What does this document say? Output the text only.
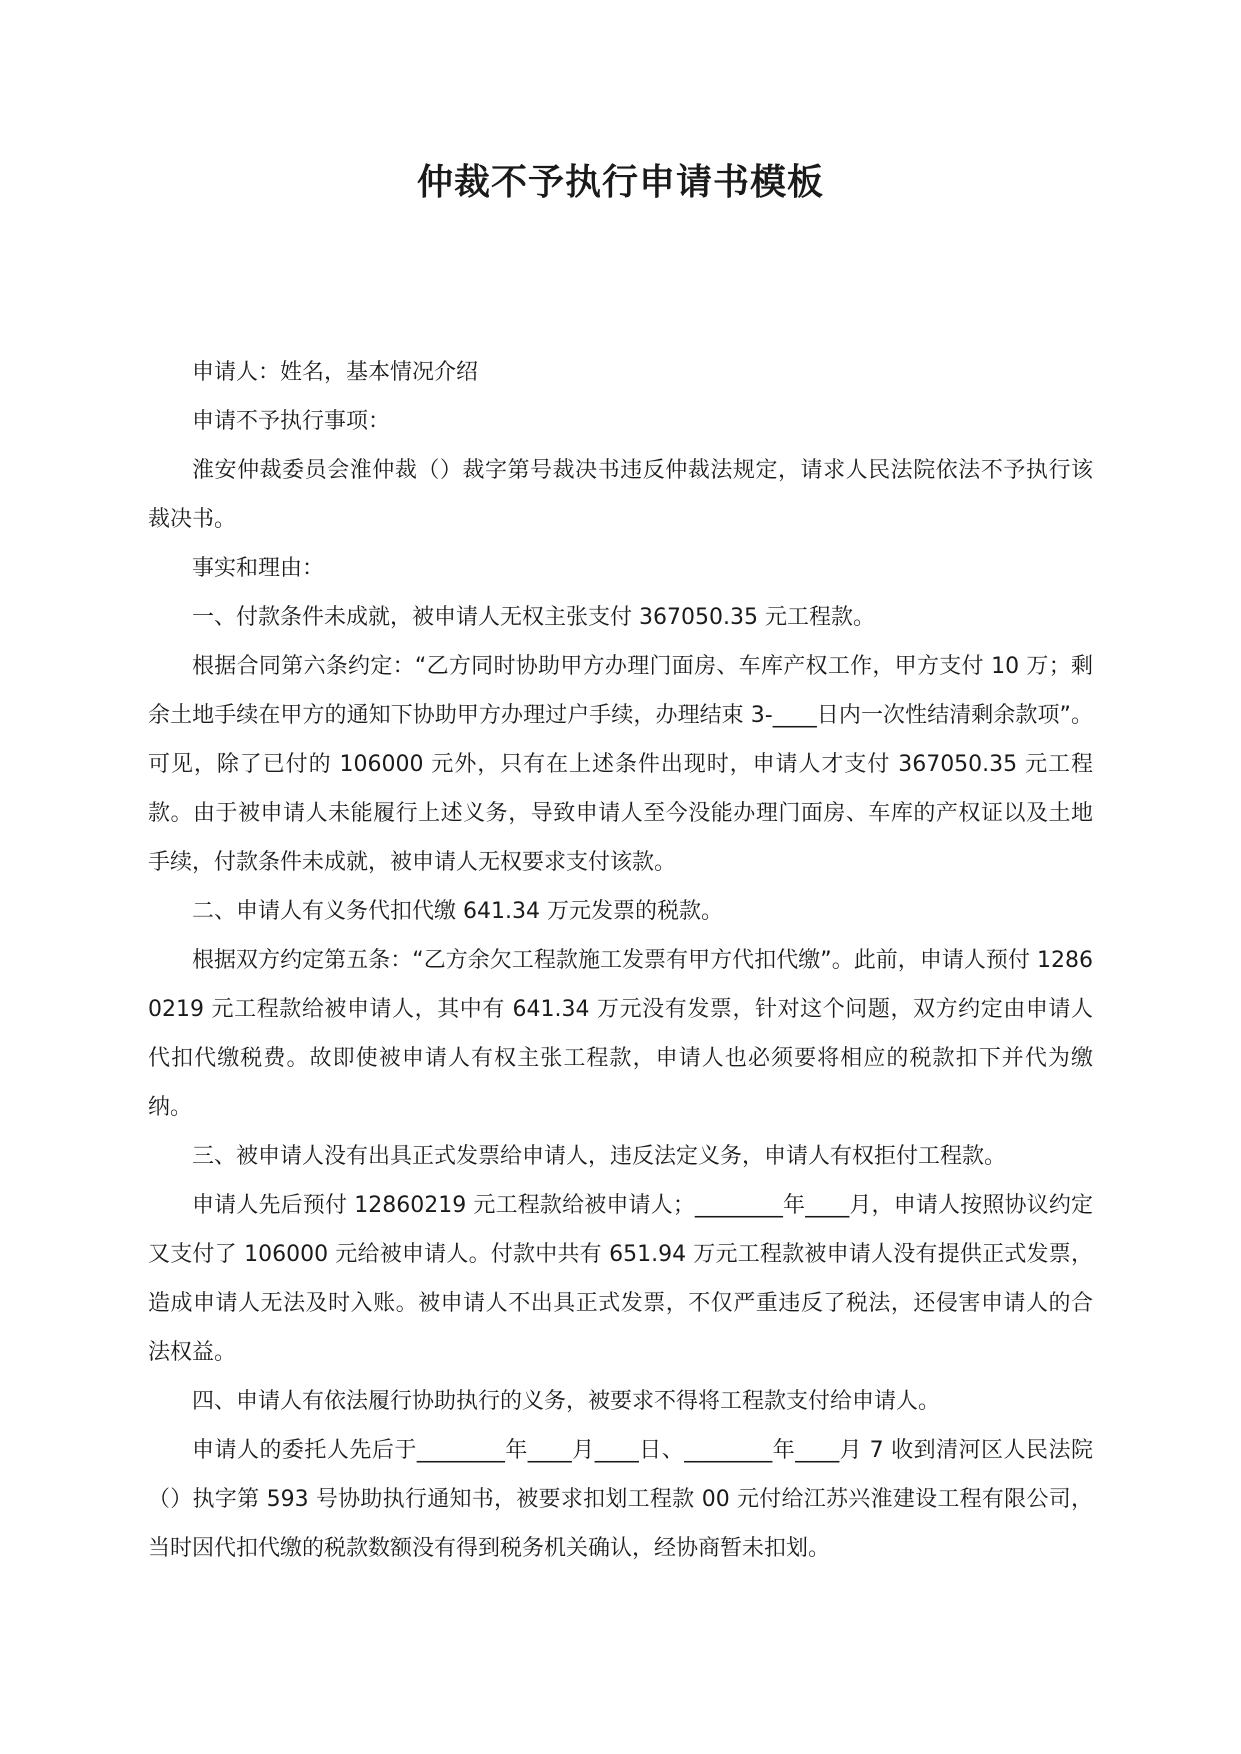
仲裁不予执行申请书模板

申请人：姓名，基本情况介绍

申请不予执行事项：

淮安仲裁委员会淮仲裁（）裁字第号裁决书违反仲裁法规定，请求人民法院依法不予执行该裁决书。

事实和理由：

一、付款条件未成就，被申请人无权主张支付 367050.35 元工程款。

根据合同第六条约定：“乙方同时协助甲方办理门面房、车库产权工作，甲方支付 10 万；剩余土地手续在甲方的通知下协助甲方办理过户手续，办理结束 3-____日内一次性结清剩余款项”。可见，除了已付的 106000 元外，只有在上述条件出现时，申请人才支付 367050.35 元工程款。由于被申请人未能履行上述义务，导致申请人至今没能办理门面房、车库的产权证以及土地手续，付款条件未成就，被申请人无权要求支付该款。

二、申请人有义务代扣代缴 641.34 万元发票的税款。

根据双方约定第五条：“乙方余欠工程款施工发票有甲方代扣代缴”。此前，申请人预付 12860219 元工程款给被申请人，其中有 641.34 万元没有发票，针对这个问题，双方约定由申请人代扣代缴税费。故即使被申请人有权主张工程款，申请人也必须要将相应的税款扣下并代为缴纳。

三、被申请人没有出具正式发票给申请人，违反法定义务，申请人有权拒付工程款。

申请人先后预付 12860219 元工程款给被申请人；________年____月，申请人按照协议约定又支付了 106000 元给被申请人。付款中共有 651.94 万元工程款被申请人没有提供正式发票，造成申请人无法及时入账。被申请人不出具正式发票，不仅严重违反了税法，还侵害申请人的合法权益。

四、申请人有依法履行协助执行的义务，被要求不得将工程款支付给申请人。

申请人的委托人先后于________年____月____日、________年____月 7 收到清河区人民法院（）执字第 593 号协助执行通知书，被要求扣划工程款 00 元付给江苏兴淮建设工程有限公司，当时因代扣代缴的税款数额没有得到税务机关确认，经协商暂未扣划。
